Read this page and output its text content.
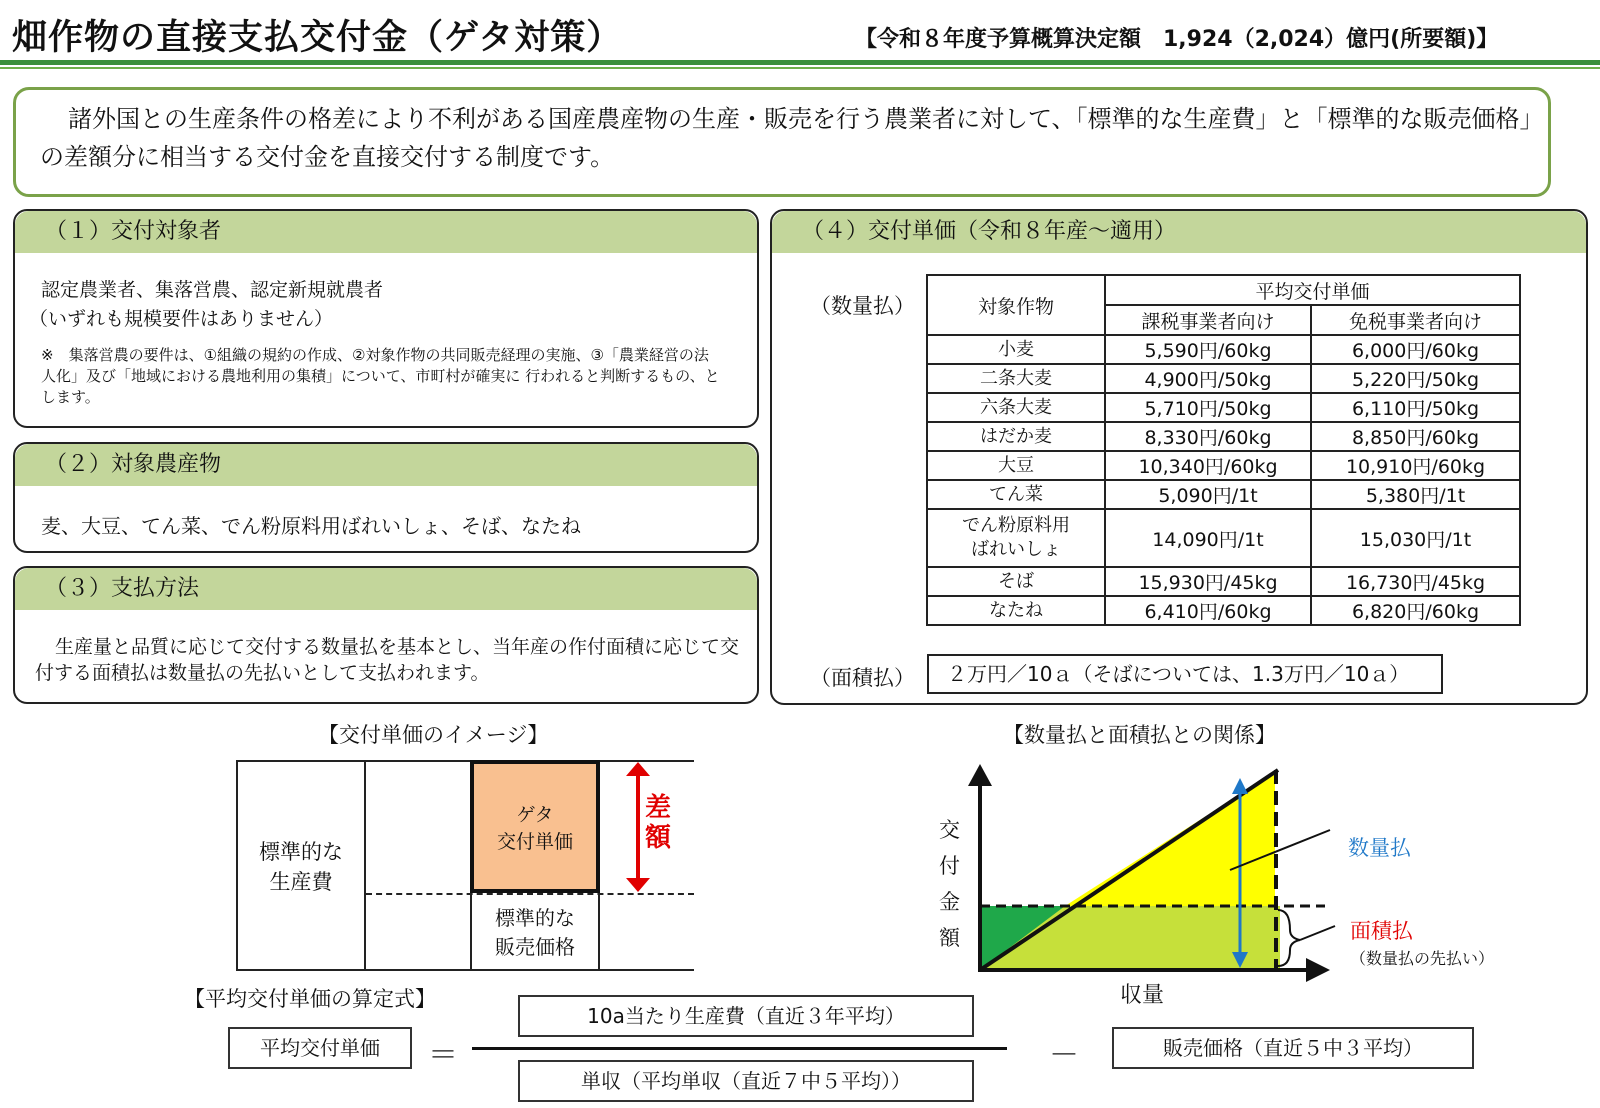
畑作物の直接支払交付金（ゲタ対策）	【令和８年度予算概算決定額　1,924（2,024）億円(所要額)】
諸外国との生産条件の格差により不利がある国産農産物の生産・販売を行う農業者に対して、「標準的な生産費」と「標準的な販売価格」の差額分に相当する交付金を直接交付する制度です。
（１）交付対象者
認定農業者、集落営農、認定新規就農者
（いずれも規模要件はありません）
※　集落営農の要件は、①組織の規約の作成、②対象作物の共同販売経理の実施、③「農業経営の法人化」及び「地域における農地利用の集積」について、市町村が確実に 行われると判断するもの、とします。
（２）対象農産物
麦、大豆、てん菜、でん粉原料用ばれいしょ、そば、なたね
（３）支払方法
生産量と品質に応じて交付する数量払を基本とし、当年産の作付面積に応じて交付する面積払は数量払の先払いとして支払われます。
（４）交付単価（令和８年産～適用）
（数量払）	対象作物	平均交付単価	
	課税事業者向け	免税事業者向け
小麦	5,590円/60kg	6,000円/60kg
二条大麦	4,900円/50kg	5,220円/50kg
六条大麦	5,710円/50kg	6,110円/50kg
はだか麦	8,330円/60kg	8,850円/60kg
大豆	10,340円/60kg	10,910円/60kg
てん菜	5,090円/1t	5,380円/1t
でん粉原料用
ばれいしょ	14,090円/1t	15,030円/1t
そば	15,930円/45kg	16,730円/45kg
なたね	6,410円/60kg	6,820円/60kg
（面積払）	２万円／10ａ（そばについては、1.3万円／10ａ）
【交付単価のイメージ】
標準的な
生産費
ゲタ
交付単価
標準的な
販売価格
差
額
【数量払と面積払との関係】
交
付
金
額
収量
数量払
面積払
（数量払の先払い）
【平均交付単価の算定式】
平均交付単価	＝
10a当たり生産費（直近３年平均）
単収（平均単収（直近７中５平均））
－	販売価格（直近５中３平均）
